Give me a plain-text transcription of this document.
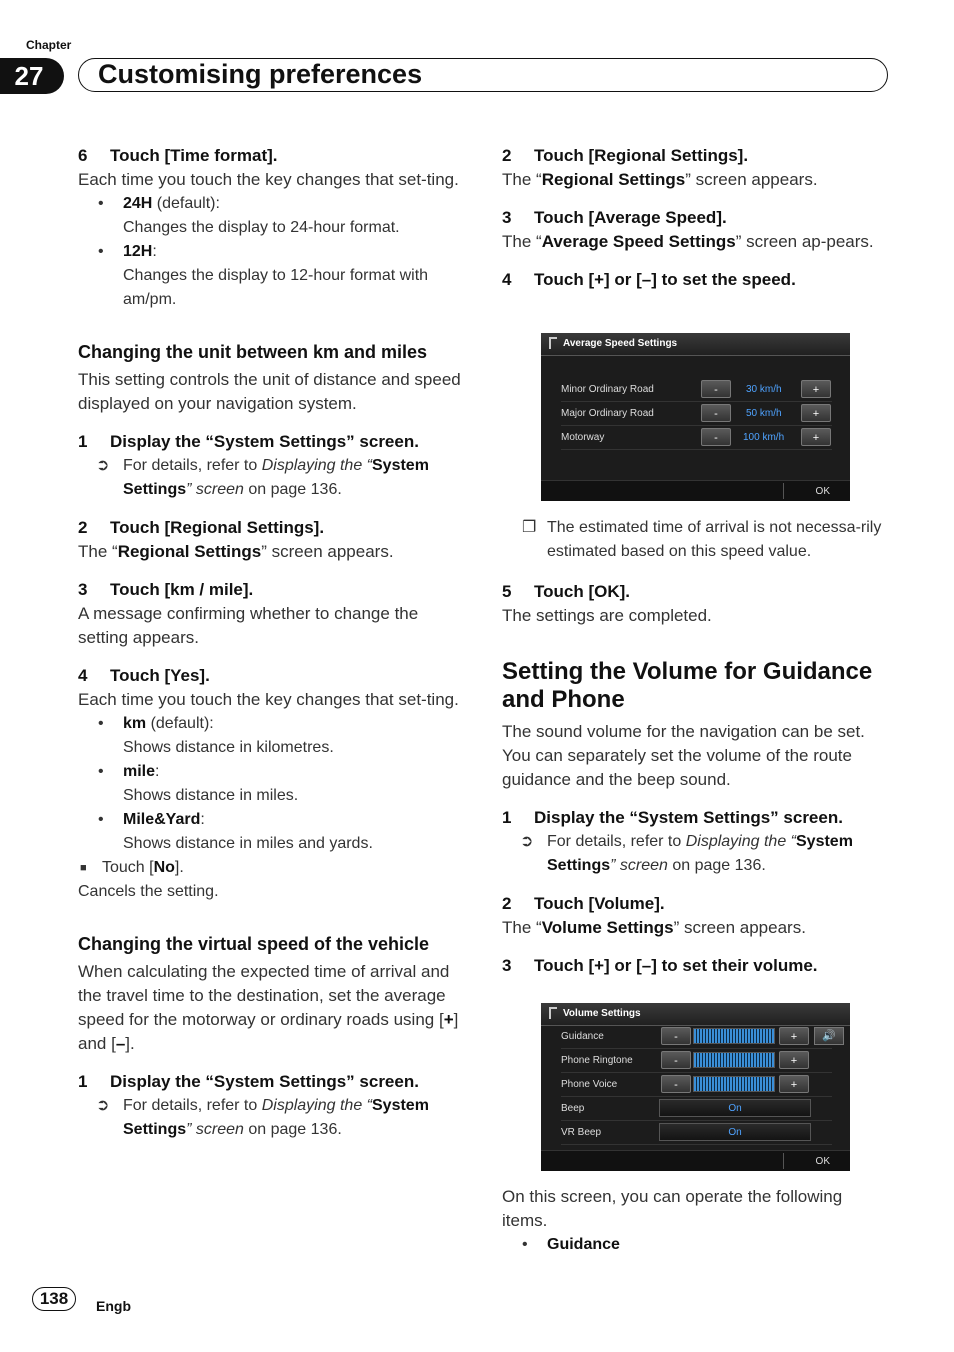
Chapter
27	Customising preferences

6 Touch [Time format].

Each time you touch the key changes that set-ting.

• 24H (default):
Changes the display to 24-hour format.
• 12H:
Changes the display to 12-hour format with am/pm.

Changing the unit between km and miles

This setting controls the unit of distance and speed displayed on your navigation system.

1 Display the “System Settings” screen.

➲ For details, refer to Displaying the “System Settings” screen on page 136.

2 Touch [Regional Settings].

The “Regional Settings” screen appears.

3 Touch [km / mile].

A message confirming whether to change the setting appears.

4 Touch [Yes].

Each time you touch the key changes that set-ting.

• km (default):
Shows distance in kilometres.
• mile:
Shows distance in miles.
• Mile&Yard:
Shows distance in miles and yards.
■ Touch [No].

Cancels the setting.

Changing the virtual speed of the vehicle

When calculating the expected time of arrival and the travel time to the destination, set the average speed for the motorway or ordinary roads using [+] and [–].

1 Display the “System Settings” screen.

➲ For details, refer to Displaying the “System Settings” screen on page 136.

2 Touch [Regional Settings].

The “Regional Settings” screen appears.

3 Touch [Average Speed].

The “Average Speed Settings” screen ap-pears.

4 Touch [+] or [–] to set the speed.

Average Speed Settings
Minor Ordinary Road	-	30 km/h	+
Major Ordinary Road	-	50 km/h	+
Motorway	-	100 km/h	+
OK
❐ The estimated time of arrival is not necessa-rily estimated based on this speed value.

5 Touch [OK].

The settings are completed.

Setting the Volume for Guidance and Phone

The sound volume for the navigation can be set. You can separately set the volume of the route guidance and the beep sound.

1 Display the “System Settings” screen.

➲ For details, refer to Displaying the “System Settings” screen on page 136.

2 Touch [Volume].

The “Volume Settings” screen appears.

3 Touch [+] or [–] to set their volume.

Volume Settings
Guidance	-	+	🔊
Phone Ringtone	-	+
Phone Voice	-	+
Beep	On
VR Beep	On
OK

On this screen, you can operate the following items.

• Guidance
138	Engb
